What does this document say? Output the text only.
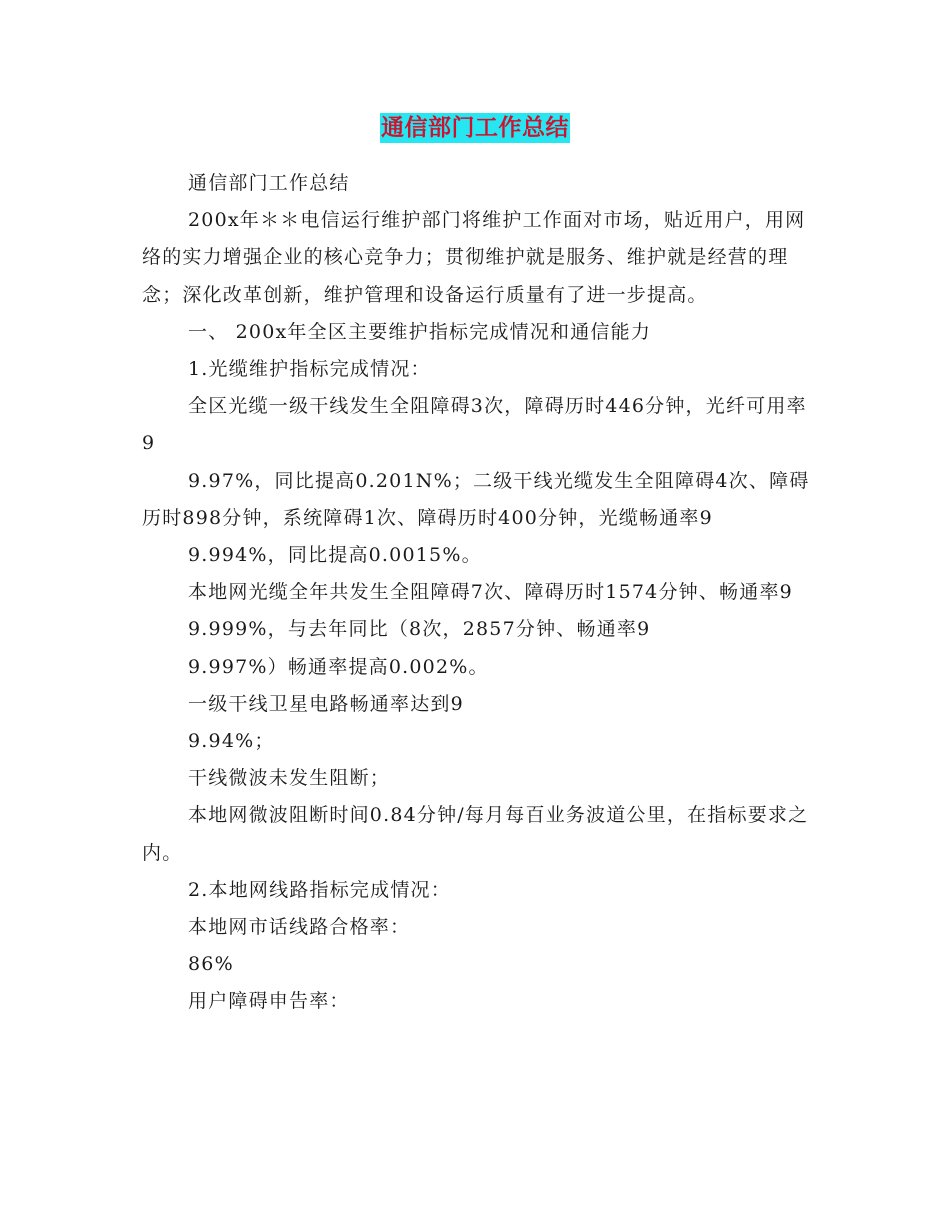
通信部门工作总结

通信部门工作总结

200x年＊＊电信运行维护部门将维护工作面对市场，贴近用户，用网络的实力增强企业的核心竞争力；贯彻维护就是服务、维护就是经营的理念；深化改革创新，维护管理和设备运行质量有了进一步提高。

一、 200x年全区主要维护指标完成情况和通信能力

1.光缆维护指标完成情况：

全区光缆一级干线发生全阻障碍3次，障碍历时446分钟，光纤可用率9

9.97%，同比提高0.201N%；二级干线光缆发生全阻障碍4次、障碍历时898分钟，系统障碍1次、障碍历时400分钟，光缆畅通率9

9.994%，同比提高0.0015%。

本地网光缆全年共发生全阻障碍7次、障碍历时1574分钟、畅通率9

9.999%，与去年同比（8次，2857分钟、畅通率9

9.997%）畅通率提高0.002%。

一级干线卫星电路畅通率达到9

9.94%；

干线微波未发生阻断；

本地网微波阻断时间0.84分钟/每月每百业务波道公里，在指标要求之内。

2.本地网线路指标完成情况：

本地网市话线路合格率：

86%

用户障碍申告率：
